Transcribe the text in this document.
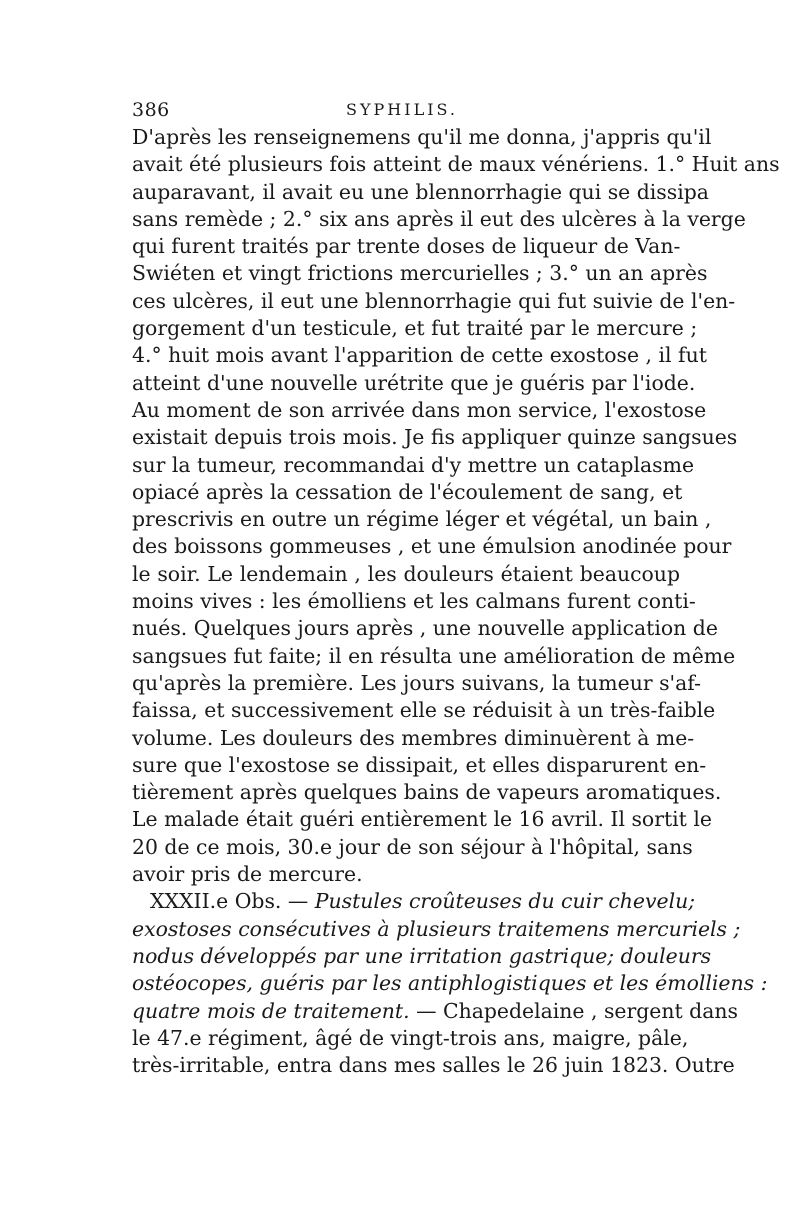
386	SYPHILIS.
D'après les renseignemens qu'il me donna, j'appris qu'il
avait été plusieurs fois atteint de maux vénériens. 1.° Huit ans
auparavant, il avait eu une blennorrhagie qui se dissipa
sans remède ; 2.° six ans après il eut des ulcères à la verge
qui furent traités par trente doses de liqueur de Van-
Swiéten et vingt frictions mercurielles ; 3.° un an après
ces ulcères, il eut une blennorrhagie qui fut suivie de l'en-
gorgement d'un testicule, et fut traité par le mercure ;
4.° huit mois avant l'apparition de cette exostose , il fut
atteint d'une nouvelle urétrite que je guéris par l'iode.
Au moment de son arrivée dans mon service, l'exostose
existait depuis trois mois. Je fis appliquer quinze sangsues
sur la tumeur, recommandai d'y mettre un cataplasme
opiacé après la cessation de l'écoulement de sang, et
prescrivis en outre un régime léger et végétal, un bain ,
des boissons gommeuses , et une émulsion anodinée pour
le soir. Le lendemain , les douleurs étaient beaucoup
moins vives : les émolliens et les calmans furent conti-
nués. Quelques jours après , une nouvelle application de
sangsues fut faite; il en résulta une amélioration de même
qu'après la première. Les jours suivans, la tumeur s'af-
faissa, et successivement elle se réduisit à un très-faible
volume. Les douleurs des membres diminuèrent à me-
sure que l'exostose se dissipait, et elles disparurent en-
tièrement après quelques bains de vapeurs aromatiques.
Le malade était guéri entièrement le 16 avril. Il sortit le
20 de ce mois, 30.e jour de son séjour à l'hôpital, sans
avoir pris de mercure.
XXXII.e Obs. — Pustules croûteuses du cuir chevelu;
exostoses consécutives à plusieurs traitemens mercuriels ;
nodus développés par une irritation gastrique; douleurs
ostéocopes, guéris par les antiphlogistiques et les émolliens :
quatre mois de traitement. — Chapedelaine , sergent dans
le 47.e régiment, âgé de vingt-trois ans, maigre, pâle,
très-irritable, entra dans mes salles le 26 juin 1823. Outre
